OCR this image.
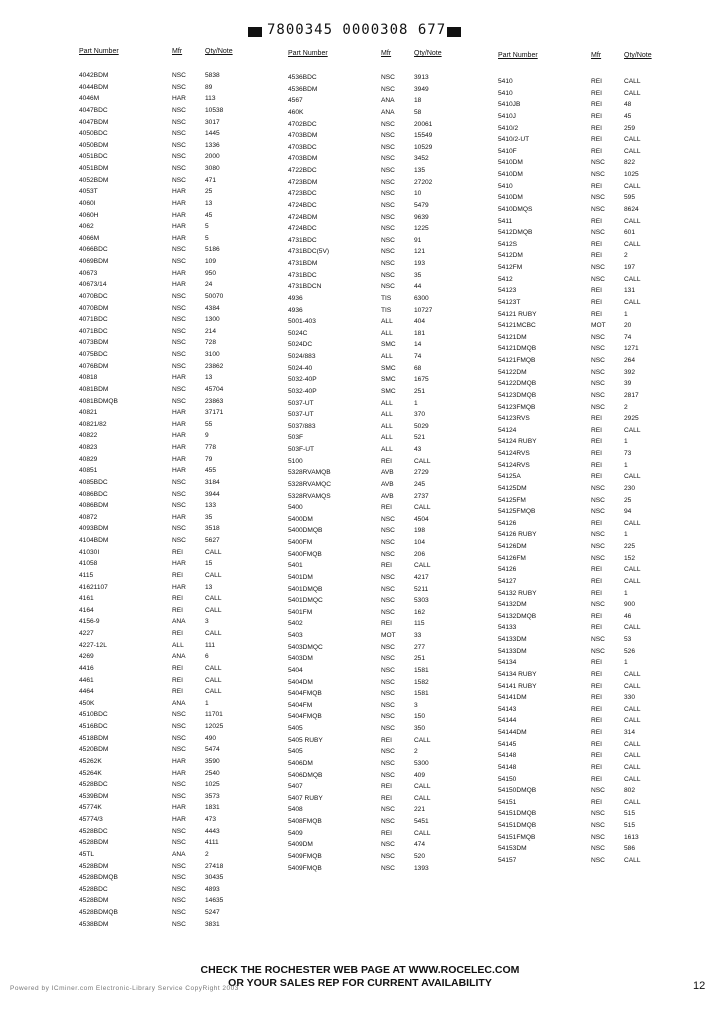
7800345 0000308 677
Part Number	Mfr	Qty/Note
4042BDM	NSC	5838
4044BDM	NSC	89
4046M	HAR	113
4047BDC	NSC	10538
4047BDM	NSC	3017
4050BDC	NSC	1445
4050BDM	NSC	1336
4051BDC	NSC	2000
4051BDM	NSC	3080
4052BDM	NSC	471
4053T	HAR	25
4060I	HAR	13
4060H	HAR	45
4062	HAR	5
4066M	HAR	5
4066BDC	NSC	5186
4069BDM	NSC	109
40673	HAR	950
40673/14	HAR	24
4070BDC	NSC	50070
4070BDM	NSC	4384
4071BDC	NSC	1300
4071BDC	NSC	214
4073BDM	NSC	728
4075BDC	NSC	3100
4076BDM	NSC	23862
40818	HAR	13
4081BDM	NSC	45704
4081BDMQB	NSC	23863
40821	HAR	37171
40821/82	HAR	55
40822	HAR	9
40823	HAR	778
40829	HAR	79
40851	HAR	455
4085BDC	NSC	3184
4086BDC	NSC	3944
4086BDM	NSC	133
40872	HAR	35
4093BDM	NSC	3518
4104BDM	NSC	5627
41030I	REI	CALL
41058	HAR	15
4115	REI	CALL
41621107	HAR	13
4161	REI	CALL
4164	REI	CALL
4156-9	ANA	3
4227	REI	CALL
4227-12L	ALL	111
4269	ANA	6
4416	REI	CALL
4461	REI	CALL
4464	REI	CALL
450K	ANA	1
4510BDC	NSC	11701
4516BDC	NSC	12025
4518BDM	NSC	490
4520BDM	NSC	5474
45262K	HAR	3590
45264K	HAR	2540
4528BDC	NSC	1025
4539BDM	NSC	3573
45774K	HAR	1831
45774/3	HAR	473
4528BDC	NSC	4443
4528BDM	NSC	4111
45TL	ANA	2
4528BDM	NSC	27418
4528BDMQB	NSC	30435
4528BDC	NSC	4893
4528BDM	NSC	14635
4528BDMQB	NSC	5247
4538BDM	NSC	3831
Part Number	Mfr	Qty/Note
4536BDC	NSC	3913
4536BDM	NSC	3949
4567	ANA	18
460K	ANA	58
4702BDC	NSC	20061
4703BDM	NSC	15549
4703BDC	NSC	10529
4703BDM	NSC	3452
4722BDC	NSC	135
4723BDM	NSC	27202
4723BDC	NSC	10
4724BDC	NSC	5479
4724BDM	NSC	9639
4724BDC	NSC	1225
4731BDC	NSC	91
4731BDC(5V)	NSC	121
4731BDM	NSC	193
4731BDC	NSC	35
4731BDCN	NSC	44
4936	TIS	6300
4936	TIS	10727
5001-403	ALL	404
5024C	ALL	181
5024DC	SMC	14
5024/883	ALL	74
5024-40	SMC	68
5032-40P	SMC	1675
5032-40P	SMC	251
5037-UT	ALL	1
5037-UT	ALL	370
5037/883	ALL	5029
503F	ALL	521
503F-UT	ALL	43
5100	REI	CALL
5328RVAMQB	AVB	2729
5328RVAMQC	AVB	245
5328RVAMQS	AVB	2737
5400	REI	CALL
5400DM	NSC	4504
5400DMQB	NSC	198
5400FM	NSC	104
5400FMQB	NSC	206
5401	REI	CALL
5401DM	NSC	4217
5401DMQB	NSC	5211
5401DMQC	NSC	5303
5401FM	NSC	162
5402	REI	115
5403	MOT	33
5403DMQC	NSC	277
5403DM	NSC	251
5404	NSC	1581
5404DM	NSC	1582
5404FMQB	NSC	1581
5404FM	NSC	3
5404FMQB	NSC	150
5405	NSC	350
5405 RUBY	REI	CALL
5405	NSC	2
5406DM	NSC	5300
5406DMQB	NSC	409
5407	REI	CALL
5407 RUBY	REI	CALL
5408	NSC	221
5408FMQB	NSC	5451
5409	REI	CALL
5409DM	NSC	474
5409FMQB	NSC	520
5409FMQB	NSC	1393
Part Number	Mfr	Qty/Note
5410	REI	CALL
5410	REI	CALL
5410JB	REI	48
5410J	REI	45
5410/2	REI	259
5410/2-UT	REI	CALL
5410F	REI	CALL
5410DM	NSC	822
5410DM	NSC	1025
5410	REI	CALL
5410DM	NSC	595
5410DMQS	NSC	8624
5411	REI	CALL
5412DMQB	NSC	601
5412S	REI	CALL
5412DM	REI	2
5412FM	NSC	197
5412	NSC	CALL
54123	REI	131
54123T	REI	CALL
54121 RUBY	REI	1
54121MCBC	MOT	20
54121DM	NSC	74
54121DMQB	NSC	1271
54121FMQB	NSC	264
54122DM	NSC	392
54122DMQB	NSC	39
54123DMQB	NSC	2817
54123FMQB	NSC	2
54123RVS	REI	2925
54124	REI	CALL
54124 RUBY	REI	1
54124RVS	REI	73
54124RVS	REI	1
54125A	REI	CALL
54125DM	NSC	230
54125FM	NSC	25
54125FMQB	NSC	94
54126	REI	CALL
54126 RUBY	NSC	1
54126DM	NSC	225
54126FM	NSC	152
54126	REI	CALL
54127	REI	CALL
54132 RUBY	REI	1
54132DM	NSC	900
54132DMQB	REI	46
54133	REI	CALL
54133DM	NSC	53
54133DM	NSC	526
54134	REI	1
54134 RUBY	REI	CALL
54141 RUBY	REI	CALL
54141DM	REI	330
54143	REI	CALL
54144	REI	CALL
54144DM	REI	314
54145	REI	CALL
54148	REI	CALL
54148	REI	CALL
54150	REI	CALL
54150DMQB	NSC	802
54151	REI	CALL
54151DMQB	NSC	515
54151DMQB	NSC	515
54151FMQB	NSC	1613
54153DM	NSC	586
54157	NSC	CALL
CHECK THE ROCHESTER WEB PAGE AT WWW.ROCELEC.COM
OR YOUR SALES REP FOR CURRENT AVAILABILITY
Powered by ICminer.com Electronic-Library Service CopyRight 2003	12
